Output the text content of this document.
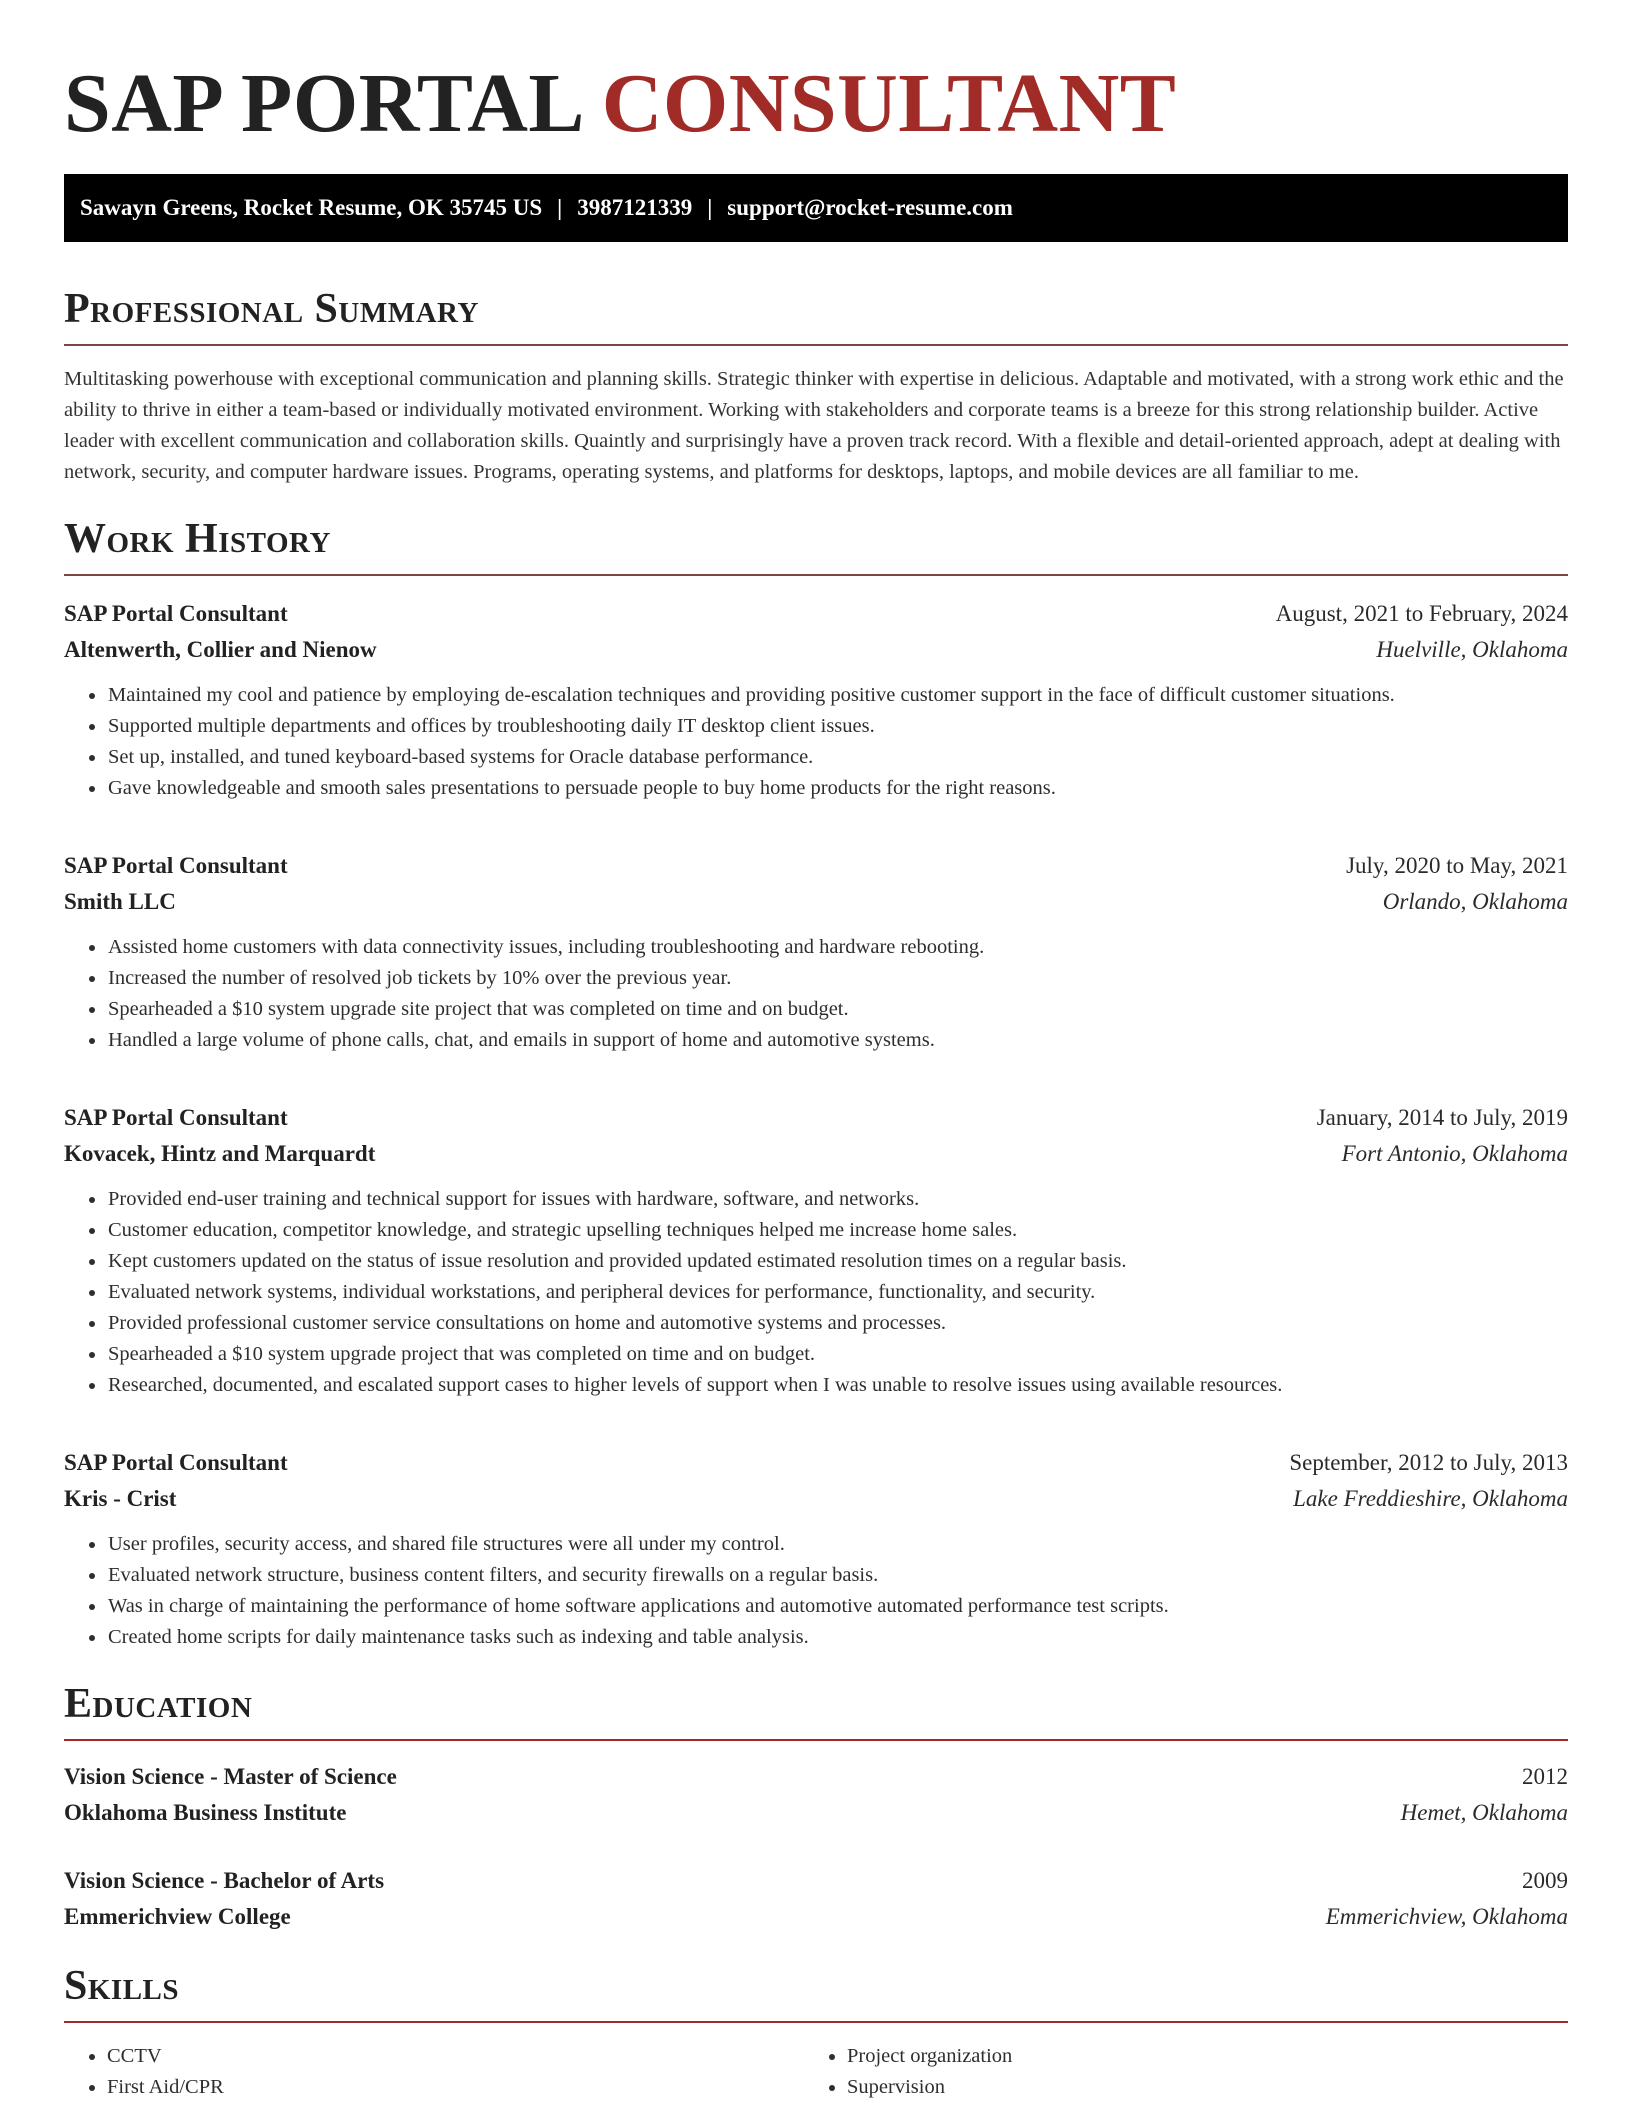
SAP PORTAL CONSULTANT
Sawayn Greens, Rocket Resume, OK 35745 US | 3987121339 | support@rocket-resume.com
Professional Summary

Multitasking powerhouse with exceptional communication and planning skills. Strategic thinker with expertise in delicious. Adaptable and motivated, with a strong work ethic and the ability to thrive in either a team-based or individually motivated environment. Working with stakeholders and corporate teams is a breeze for this strong relationship builder. Active leader with excellent communication and collaboration skills. Quaintly and surprisingly have a proven track record. With a flexible and detail-oriented approach, adept at dealing with network, security, and computer hardware issues. Programs, operating systems, and platforms for desktops, laptops, and mobile devices are all familiar to me.

Work History
SAP Portal Consultant	August, 2021 to February, 2024
Altenwerth, Collier and Nienow	Huelville, Oklahoma
• Maintained my cool and patience by employing de-escalation techniques and providing positive customer support in the face of difficult customer situations.
• Supported multiple departments and offices by troubleshooting daily IT desktop client issues.
• Set up, installed, and tuned keyboard-based systems for Oracle database performance.
• Gave knowledgeable and smooth sales presentations to persuade people to buy home products for the right reasons.
SAP Portal Consultant	July, 2020 to May, 2021
Smith LLC	Orlando, Oklahoma
• Assisted home customers with data connectivity issues, including troubleshooting and hardware rebooting.
• Increased the number of resolved job tickets by 10% over the previous year.
• Spearheaded a $10 system upgrade site project that was completed on time and on budget.
• Handled a large volume of phone calls, chat, and emails in support of home and automotive systems.
SAP Portal Consultant	January, 2014 to July, 2019
Kovacek, Hintz and Marquardt	Fort Antonio, Oklahoma
• Provided end-user training and technical support for issues with hardware, software, and networks.
• Customer education, competitor knowledge, and strategic upselling techniques helped me increase home sales.
• Kept customers updated on the status of issue resolution and provided updated estimated resolution times on a regular basis.
• Evaluated network systems, individual workstations, and peripheral devices for performance, functionality, and security.
• Provided professional customer service consultations on home and automotive systems and processes.
• Spearheaded a $10 system upgrade project that was completed on time and on budget.
• Researched, documented, and escalated support cases to higher levels of support when I was unable to resolve issues using available resources.
SAP Portal Consultant	September, 2012 to July, 2013
Kris - Crist	Lake Freddieshire, Oklahoma
• User profiles, security access, and shared file structures were all under my control.
• Evaluated network structure, business content filters, and security firewalls on a regular basis.
• Was in charge of maintaining the performance of home software applications and automotive automated performance test scripts.
• Created home scripts for daily maintenance tasks such as indexing and table analysis.
Education
Vision Science - Master of Science	2012
Oklahoma Business Institute	Hemet, Oklahoma
Vision Science - Bachelor of Arts	2009
Emmerichview College	Emmerichview, Oklahoma
Skills
• CCTV
• First Aid/CPR
• Project organization
• Supervision
